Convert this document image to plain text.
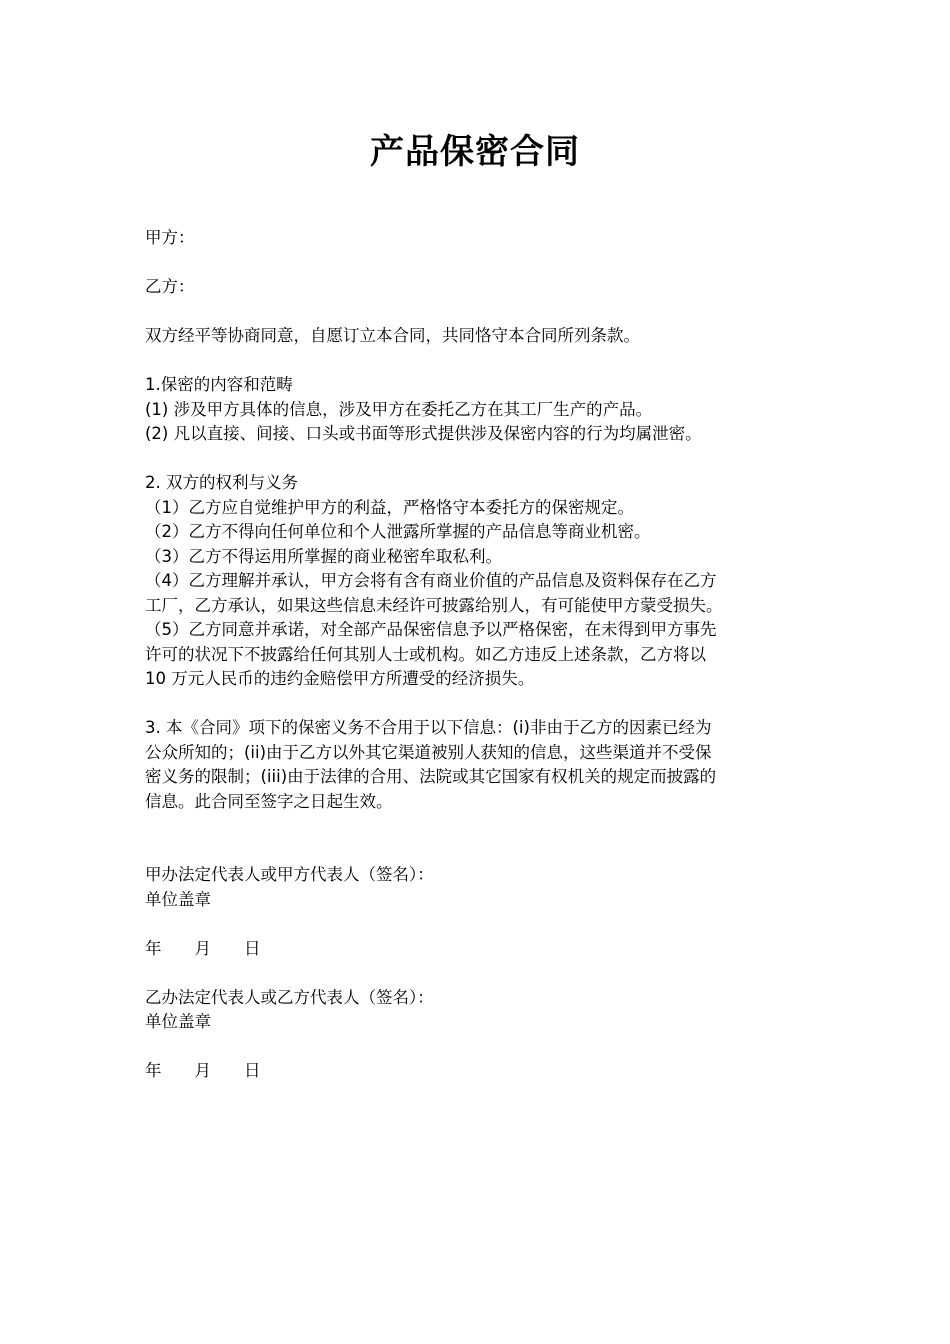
产品保密合同
甲方：
乙方：
双方经平等协商同意，自愿订立本合同，共同恪守本合同所列条款。
1.保密的内容和范畴
(1) 涉及甲方具体的信息，涉及甲方在委托乙方在其工厂生产的产品。
(2) 凡以直接、间接、口头或书面等形式提供涉及保密内容的行为均属泄密。
2. 双方的权利与义务
（1）乙方应自觉维护甲方的利益，严格恪守本委托方的保密规定。
（2）乙方不得向任何单位和个人泄露所掌握的产品信息等商业机密。
（3）乙方不得运用所掌握的商业秘密牟取私利。
（4）乙方理解并承认，甲方会将有含有商业价值的产品信息及资料保存在乙方
工厂，乙方承认，如果这些信息未经许可披露给别人，有可能使甲方蒙受损失。
（5）乙方同意并承诺，对全部产品保密信息予以严格保密，在未得到甲方事先
许可的状况下不披露给任何其别人士或机构。如乙方违反上述条款，乙方将以
10 万元人民币的违约金赔偿甲方所遭受的经济损失。
3. 本《合同》项下的保密义务不合用于以下信息：(i)非由于乙方的因素已经为
公众所知的；(ii)由于乙方以外其它渠道被别人获知的信息，这些渠道并不受保
密义务的限制；(iii)由于法律的合用、法院或其它国家有权机关的规定而披露的
信息。此合同至签字之日起生效。
甲办法定代表人或甲方代表人（签名）：
单位盖章
年　　月　　日
乙办法定代表人或乙方代表人（签名）：
单位盖章
年　　月　　日
